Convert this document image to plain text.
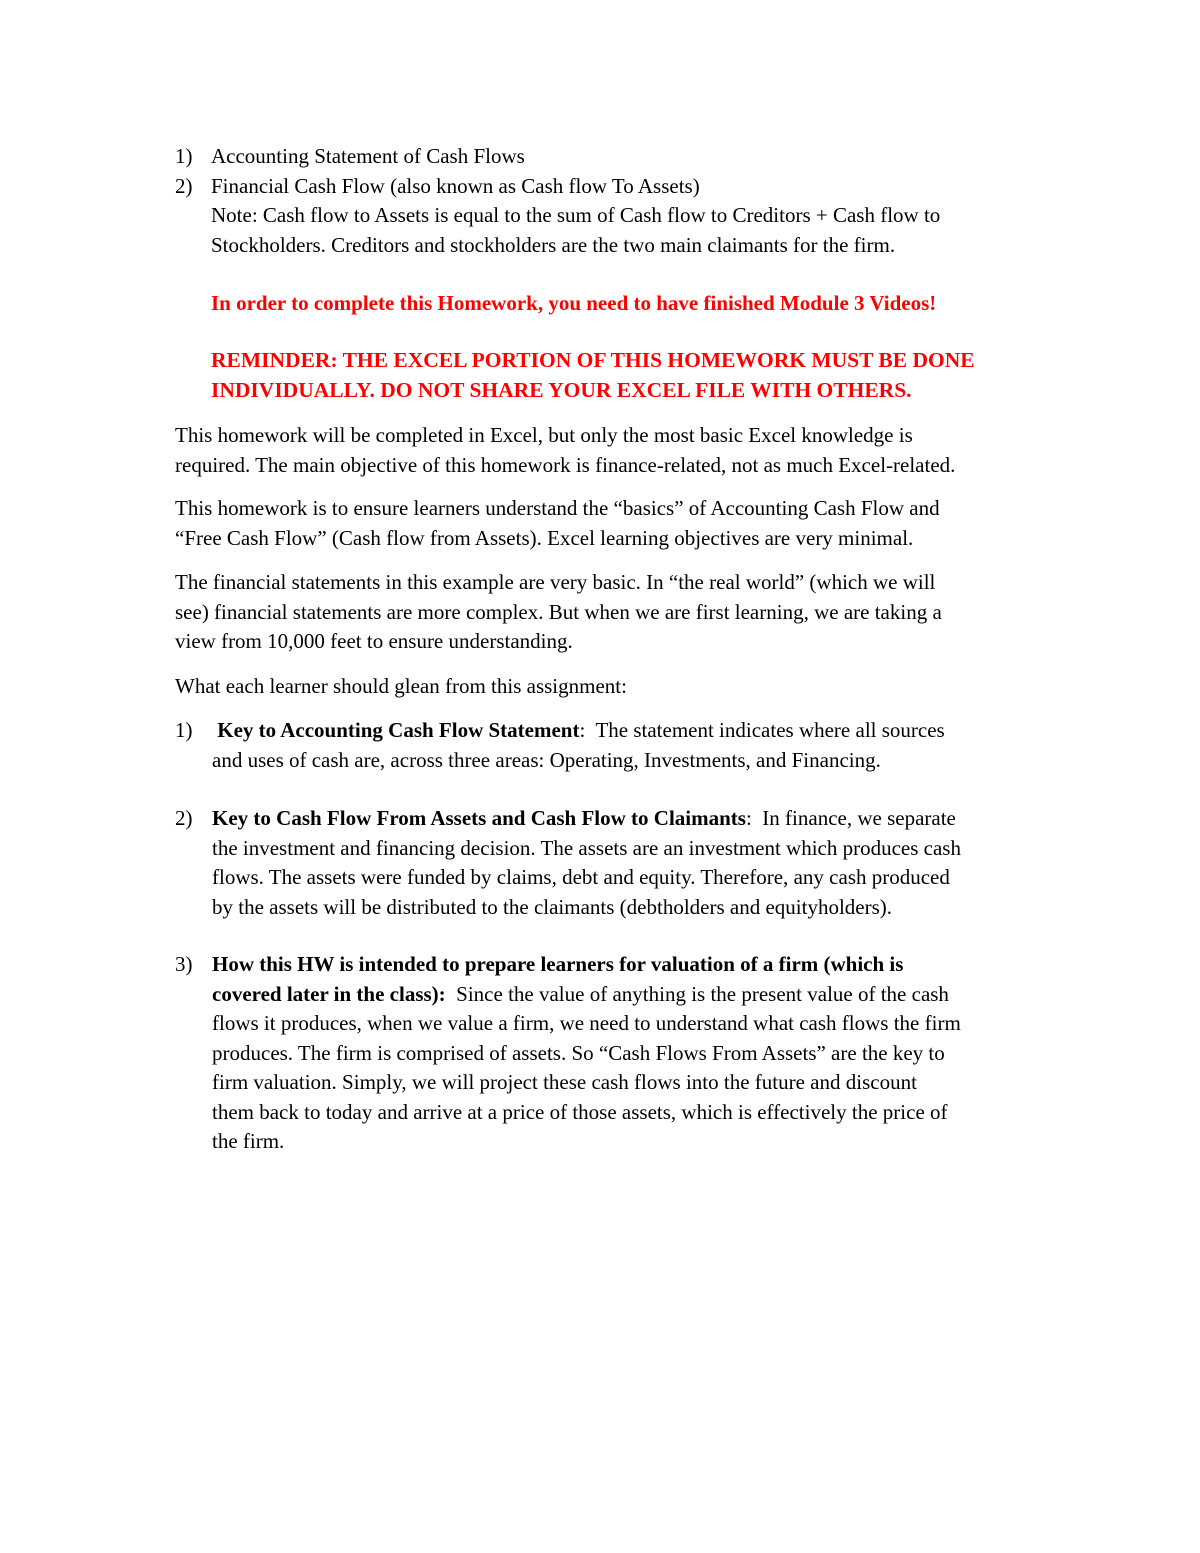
1) Accounting Statement of Cash Flows
2) Financial Cash Flow (also known as Cash flow To Assets)
Note: Cash flow to Assets is equal to the sum of Cash flow to Creditors + Cash flow to
Stockholders. Creditors and stockholders are the two main claimants for the firm.
In order to complete this Homework, you need to have finished Module 3 Videos!
REMINDER: THE EXCEL PORTION OF THIS HOMEWORK MUST BE DONE
INDIVIDUALLY. DO NOT SHARE YOUR EXCEL FILE WITH OTHERS.
This homework will be completed in Excel, but only the most basic Excel knowledge is
required. The main objective of this homework is finance-related, not as much Excel-related.
This homework is to ensure learners understand the “basics” of Accounting Cash Flow and
“Free Cash Flow” (Cash flow from Assets). Excel learning objectives are very minimal.
The financial statements in this example are very basic. In “the real world” (which we will
see) financial statements are more complex. But when we are first learning, we are taking a
view from 10,000 feet to ensure understanding.
What each learner should glean from this assignment:
1) Key to Accounting Cash Flow Statement:  The statement indicates where all sources
and uses of cash are, across three areas: Operating, Investments, and Financing.
2) Key to Cash Flow From Assets and Cash Flow to Claimants:  In finance, we separate
the investment and financing decision. The assets are an investment which produces cash
flows. The assets were funded by claims, debt and equity. Therefore, any cash produced
by the assets will be distributed to the claimants (debtholders and equityholders).
3) How this HW is intended to prepare learners for valuation of a firm (which is
covered later in the class):  Since the value of anything is the present value of the cash
flows it produces, when we value a firm, we need to understand what cash flows the firm
produces. The firm is comprised of assets. So “Cash Flows From Assets” are the key to
firm valuation. Simply, we will project these cash flows into the future and discount
them back to today and arrive at a price of those assets, which is effectively the price of
the firm.
